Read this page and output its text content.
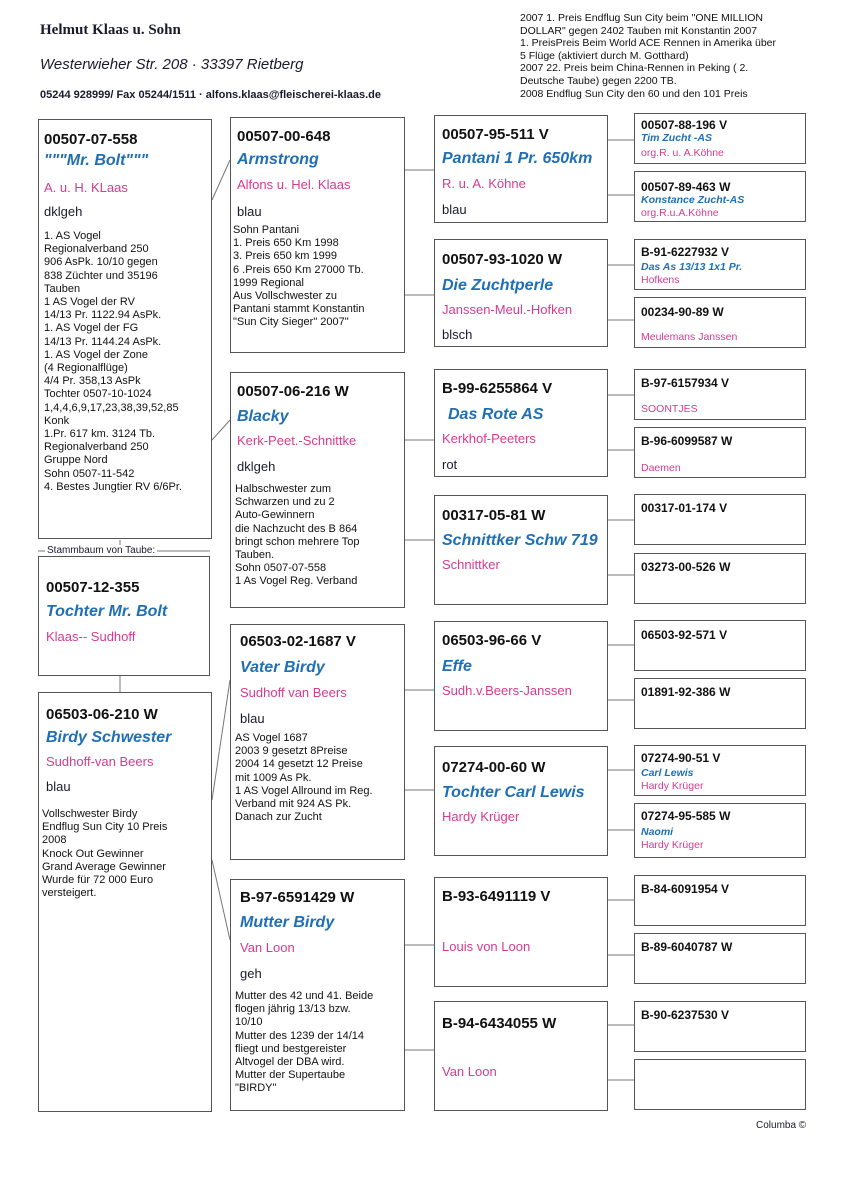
Helmut Klaas u. Sohn
Westerwieher Str. 208 · 33397 Rietberg
05244 928999/ Fax 05244/1511 · alfons.klaas@fleischerei-klaas.de
2007 1. Preis Endflug Sun City beim "ONE MILLION
DOLLAR" gegen 2402 Tauben mit Konstantin 2007
1. PreisPreis Beim World ACE Rennen in Amerika über
5 Flüge (aktiviert durch M. Gotthard)
2007 22. Preis beim China-Rennen in Peking ( 2.
Deutsche Taube) gegen 2200 TB.
2008 Endflug Sun City den 60 und den 101 Preis
00507-07-558
"""Mr. Bolt"""
A. u. H. KLaas
dklgeh
1. AS Vogel
Regionalverband 250
906 AsPk. 10/10 gegen
838 Züchter und 35196
Tauben
1 AS Vogel der RV
14/13 Pr. 1122.94 AsPk.
1. AS Vogel der FG
14/13 Pr. 1144.24 AsPk.
1. AS Vogel der Zone
(4 Regionalflüge)
4/4 Pr. 358,13 AsPk
Tochter 0507-10-1024
1,4,4,6,9,17,23,38,39,52,85
Konk
1.Pr. 617 km. 3124 Tb.
Regionalverband 250
Gruppe Nord
Sohn 0507-11-542
4. Bestes Jungtier RV 6/6Pr.
Stammbaum von Taube:
00507-12-355
Tochter Mr. Bolt
Klaas-- Sudhoff
06503-06-210 W
Birdy Schwester
Sudhoff-van Beers
blau
Vollschwester Birdy
Endflug Sun City 10 Preis
2008
Knock Out Gewinner
Grand Average Gewinner
Wurde für 72 000 Euro
versteigert.
00507-00-648
Armstrong
Alfons u. Hel. Klaas
blau
Sohn Pantani
1. Preis 650 Km 1998
3. Preis 650 km 1999
6 .Preis 650 Km 27000 Tb.
1999 Regional
Aus Vollschwester zu
Pantani stammt Konstantin
"Sun City Sieger" 2007"
00507-06-216 W
Blacky
Kerk-Peet.-Schnittke
dklgeh
Halbschwester zum
Schwarzen und zu 2
Auto-Gewinnern
die Nachzucht des B 864
bringt schon mehrere Top
Tauben.
Sohn 0507-07-558
1 As Vogel Reg. Verband
06503-02-1687 V
Vater Birdy
Sudhoff van Beers
blau
AS Vogel 1687
2003 9 gesetzt 8Preise
2004 14 gesetzt 12 Preise
mit 1009 As Pk.
1 AS Vogel Allround im Reg.
Verband mit 924 AS Pk.
Danach zur Zucht
B-97-6591429 W
Mutter Birdy
Van Loon
geh
Mutter des 42 und 41. Beide
flogen jährig 13/13 bzw.
10/10
Mutter des 1239 der 14/14
fliegt und bestgereister
Altvogel der DBA wird.
Mutter der Supertaube
"BIRDY"
00507-95-511 V
Pantani 1 Pr. 650km
R. u. A. Köhne
blau
00507-93-1020 W
Die Zuchtperle
Janssen-Meul.-Hofken
blsch
B-99-6255864 V
Das Rote AS
Kerkhof-Peeters
rot
00317-05-81 W
Schnittker Schw 719
Schnittker
06503-96-66 V
Effe
Sudh.v.Beers-Janssen
07274-00-60 W
Tochter Carl Lewis
Hardy Krüger
B-93-6491119 V
Louis von Loon
B-94-6434055 W
Van Loon
00507-88-196 V
Tim Zucht -AS
org.R. u. A.Köhne
00507-89-463 W
Konstance Zucht-AS
org.R.u.A.Köhne
B-91-6227932 V
Das As 13/13 1x1 Pr.
Hofkens
00234-90-89 W
Meulemans Janssen
B-97-6157934 V
SOONTJES
B-96-6099587 W
Daemen
00317-01-174 V
03273-00-526 W
06503-92-571 V
01891-92-386 W
07274-90-51 V
Carl Lewis
Hardy Krüger
07274-95-585 W
Naomi
Hardy Krüger
B-84-6091954 V
B-89-6040787 W
B-90-6237530 V
Columba ©
